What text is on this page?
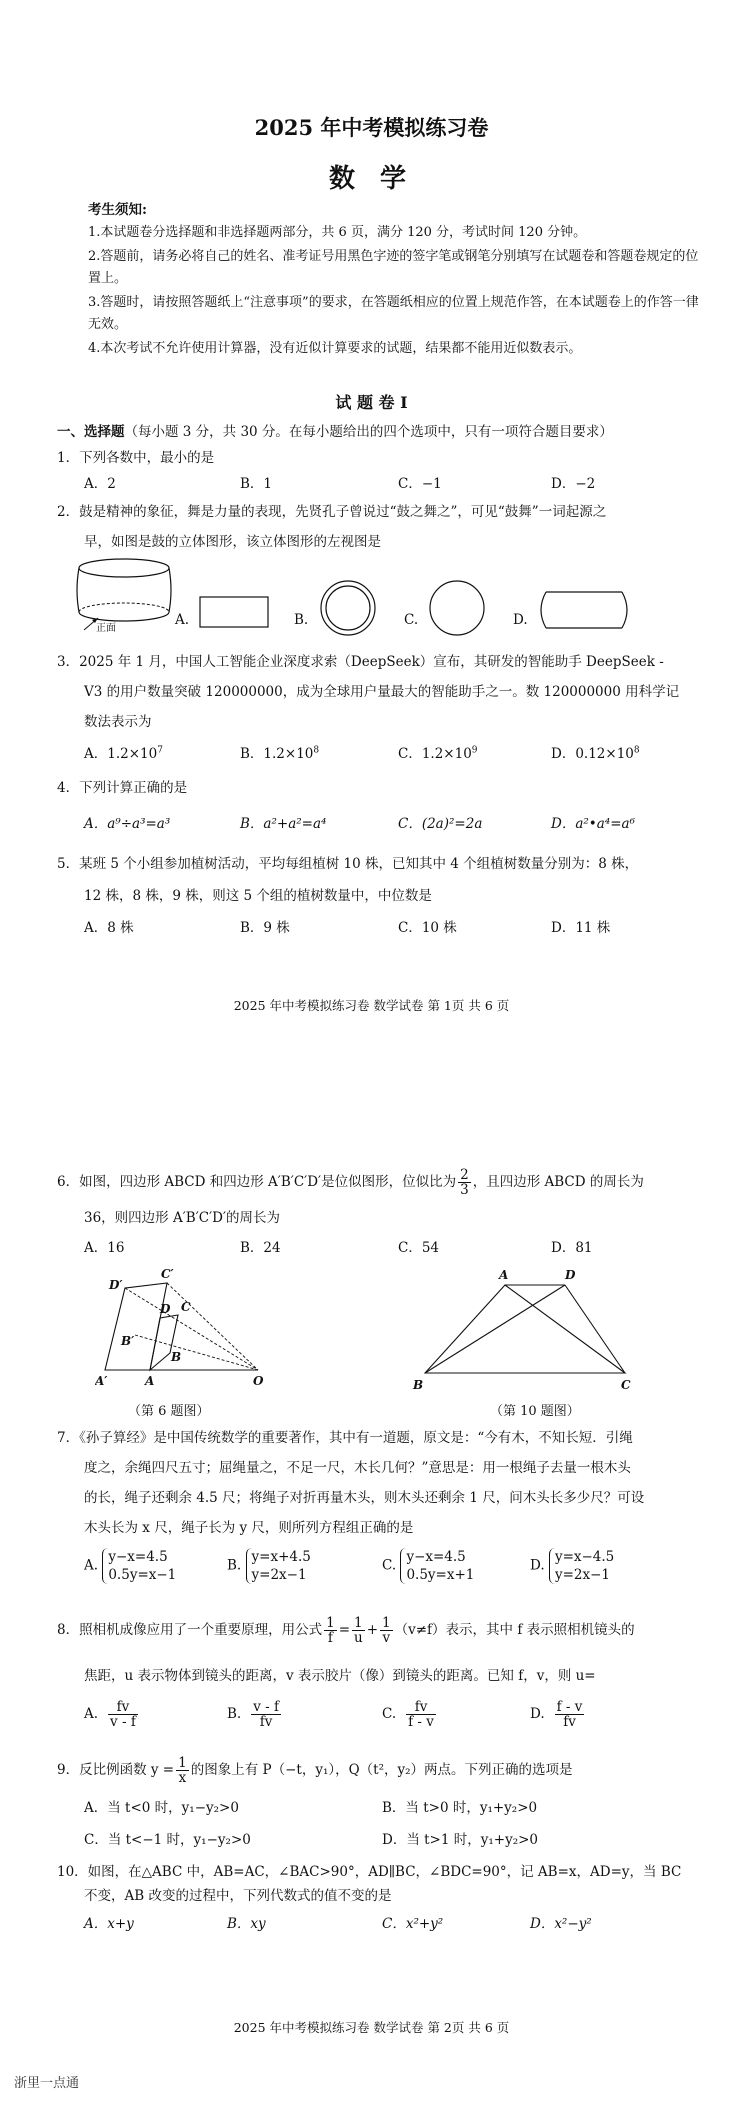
2025 年中考模拟练习卷
数 学
考生须知:
1.本试题卷分选择题和非选择题两部分，共 6 页，满分 120 分，考试时间 120 分钟。
2.答题前，请务必将自己的姓名、准考证号用黑色字迹的签字笔或钢笔分别填写在试题卷和答题卷规定的位置上。
3.答题时，请按照答题纸上“注意事项”的要求，在答题纸相应的位置上规范作答，在本试题卷上的作答一律无效。
4.本次考试不允许使用计算器，没有近似计算要求的试题，结果都不能用近似数表示。
试 题 卷 I
一、选择题（每小题 3 分，共 30 分。在每小题给出的四个选项中，只有一项符合题目要求）
1．下列各数中，最小的是
A．2	B．1	C．−1	D．−2
2．鼓是精神的象征，舞是力量的表现，先贤孔子曾说过“鼓之舞之”，可见“鼓舞”一词起源之
早，如图是鼓的立体图形，该立体图形的左视图是
正面
A.	B.	C.	D.
3．2025 年 1 月，中国人工智能企业深度求索（DeepSeek）宣布，其研发的智能助手 DeepSeek -
V3 的用户数量突破 120000000，成为全球用户量最大的智能助手之一。数 120000000 用科学记
数法表示为
A．$1.2\times 10^7$	B．$1.2\times 10^8$	C．$1.2\times 10^9$	D．$0.12\times 10^8$
4．下列计算正确的是
A．a⁹÷a³=a³	B．a²+a²=a⁴	C．(2a)²=2a	D．a²•a⁴=a⁶
5．某班 5 个小组参加植树活动，平均每组植树 10 株，已知其中 4 个组植树数量分别为：8 株，
12 株，8 株，9 株，则这 5 个组的植树数量中，中位数是
A．8 株	B．9 株	C．10 株	D．11 株
2025 年中考模拟练习卷 数学试卷 第 1页 共 6 页
6．如图，四边形 ABCD 和四边形 A′B′C′D′是位似图形，位似比为 $\frac{2}{3}$ ，且四边形 ABCD 的周长为
36，则四边形 A′B′C′D′的周长为
A．16	B．24	C．54	D．81
D′
C′
D C
B′
B
A′	A	O
（第 6 题图）
A	D
B	C
（第 10 题图）
7．《孙子算经》是中国传统数学的重要著作，其中有一道题，原文是：“今有木，不知长短．引绳
度之，余绳四尺五寸；屈绳量之，不足一尺，木长几何？”意思是：用一根绳子去量一根木头
的长，绳子还剩余 4.5 尺；将绳子对折再量木头，则木头还剩余 1 尺，问木头长多少尺？可设
木头长为 x 尺，绳子长为 y 尺，则所列方程组正确的是
A.
y−x=4.5
0.5y=x−1
B.
y=x+4.5
y=2x−1
C.
y−x=4.5
0.5y=x+1
D.
y=x−4.5
y=2x−1
8．照相机成像应用了一个重要原理，用公式 $\frac{1}{f} = \frac{1}{u} + \frac{1}{v} (v\ne f)$表示，其中 f 表示照相机镜头的
焦距，u 表示物体到镜头的距离，v 表示胶片（像）到镜头的距离。已知 f，v，则 u=
A. $\frac{fv}{v - f}$	B. $\frac{v - f}{fv}$	C. $\frac{fv}{f - v}$	D. $\frac{f - v}{fv}$
9．反比例函数 $y = \frac{1}{x}$ 的图象上有 P（−t，y₁），Q（t²，y₂）两点。下列正确的选项是
A．当 t<0 时，y₁−y₂>0	B．当 t>0 时，y₁+y₂>0
C．当 t<−1 时，y₁−y₂>0	D．当 t>1 时，y₁+y₂>0
10．如图，在△ABC 中，AB=AC，∠BAC>90°，AD∥BC，∠BDC=90°，记 AB=x，AD=y，当 BC
不变，AB 改变的过程中，下列代数式的值不变的是
A．x+y	B．xy	C．x²+y²	D．x²−y²
2025 年中考模拟练习卷 数学试卷 第 2页 共 6 页
浙里一点通
